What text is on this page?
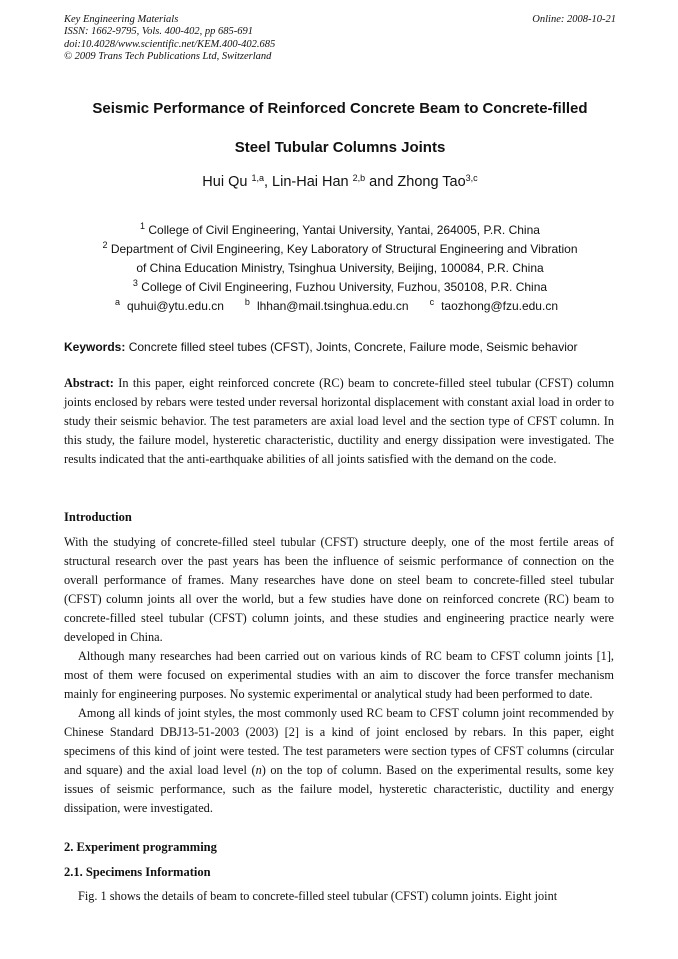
Key Engineering Materials
ISSN: 1662-9795, Vols. 400-402, pp 685-691
doi:10.4028/www.scientific.net/KEM.400-402.685
© 2009 Trans Tech Publications Ltd, Switzerland
Online: 2008-10-21
Seismic Performance of Reinforced Concrete Beam to Concrete-filled
Steel Tubular Columns Joints
Hui Qu $^{1,a}$, Lin-Hai Han $^{2,b}$ and Zhong Tao$^{3,c}$
$^1$ College of Civil Engineering, Yantai University, Yantai, 264005, P.R. China
$^2$ Department of Civil Engineering, Key Laboratory of Structural Engineering and Vibration
of China Education Ministry, Tsinghua University, Beijing, 100084, P.R. China
$^3$ College of Civil Engineering, Fuzhou University, Fuzhou, 350108, P.R. China
$^a$ quhui@ytu.edu.cn $^b$ lhhan@mail.tsinghua.edu.cn $^c$ taozhong@fzu.edu.cn
Keywords: Concrete filled steel tubes (CFST), Joints, Concrete, Failure mode, Seismic behavior
Abstract: In this paper, eight reinforced concrete (RC) beam to concrete-filled steel tubular (CFST) column joints enclosed by rebars were tested under reversal horizontal displacement with constant axial load in order to study their seismic behavior. The test parameters are axial load level and the section type of CFST column. In this study, the failure model, hysteretic characteristic, ductility and energy dissipation were investigated. The results indicated that the anti-earthquake abilities of all joints satisfied with the demand on the code.
Introduction

With the studying of concrete-filled steel tubular (CFST) structure deeply, one of the most fertile areas of structural research over the past years has been the influence of seismic performance of connection on the overall performance of frames. Many researches have done on steel beam to concrete-filled steel tubular (CFST) column joints all over the world, but a few studies have done on reinforced concrete (RC) beam to concrete-filled steel tubular (CFST) column joints, and these studies and engineering practice nearly were developed in China.

Although many researches had been carried out on various kinds of RC beam to CFST column joints [1], most of them were focused on experimental studies with an aim to discover the force transfer mechanism mainly for engineering purposes. No systemic experimental or analytical study had been performed to date.

Among all kinds of joint styles, the most commonly used RC beam to CFST column joint recommended by Chinese Standard DBJ13-51-2003 (2003) [2] is a kind of joint enclosed by rebars. In this paper, eight specimens of this kind of joint were tested. The test parameters were section types of CFST columns (circular and square) and the axial load level (n) on the top of column. Based on the experimental results, some key issues of seismic performance, such as the failure model, hysteretic characteristic, ductility and energy dissipation, were investigated.

2. Experiment programming
2.1. Specimens Information
Fig. 1 shows the details of beam to concrete-filled steel tubular (CFST) column joints. Eight joint
